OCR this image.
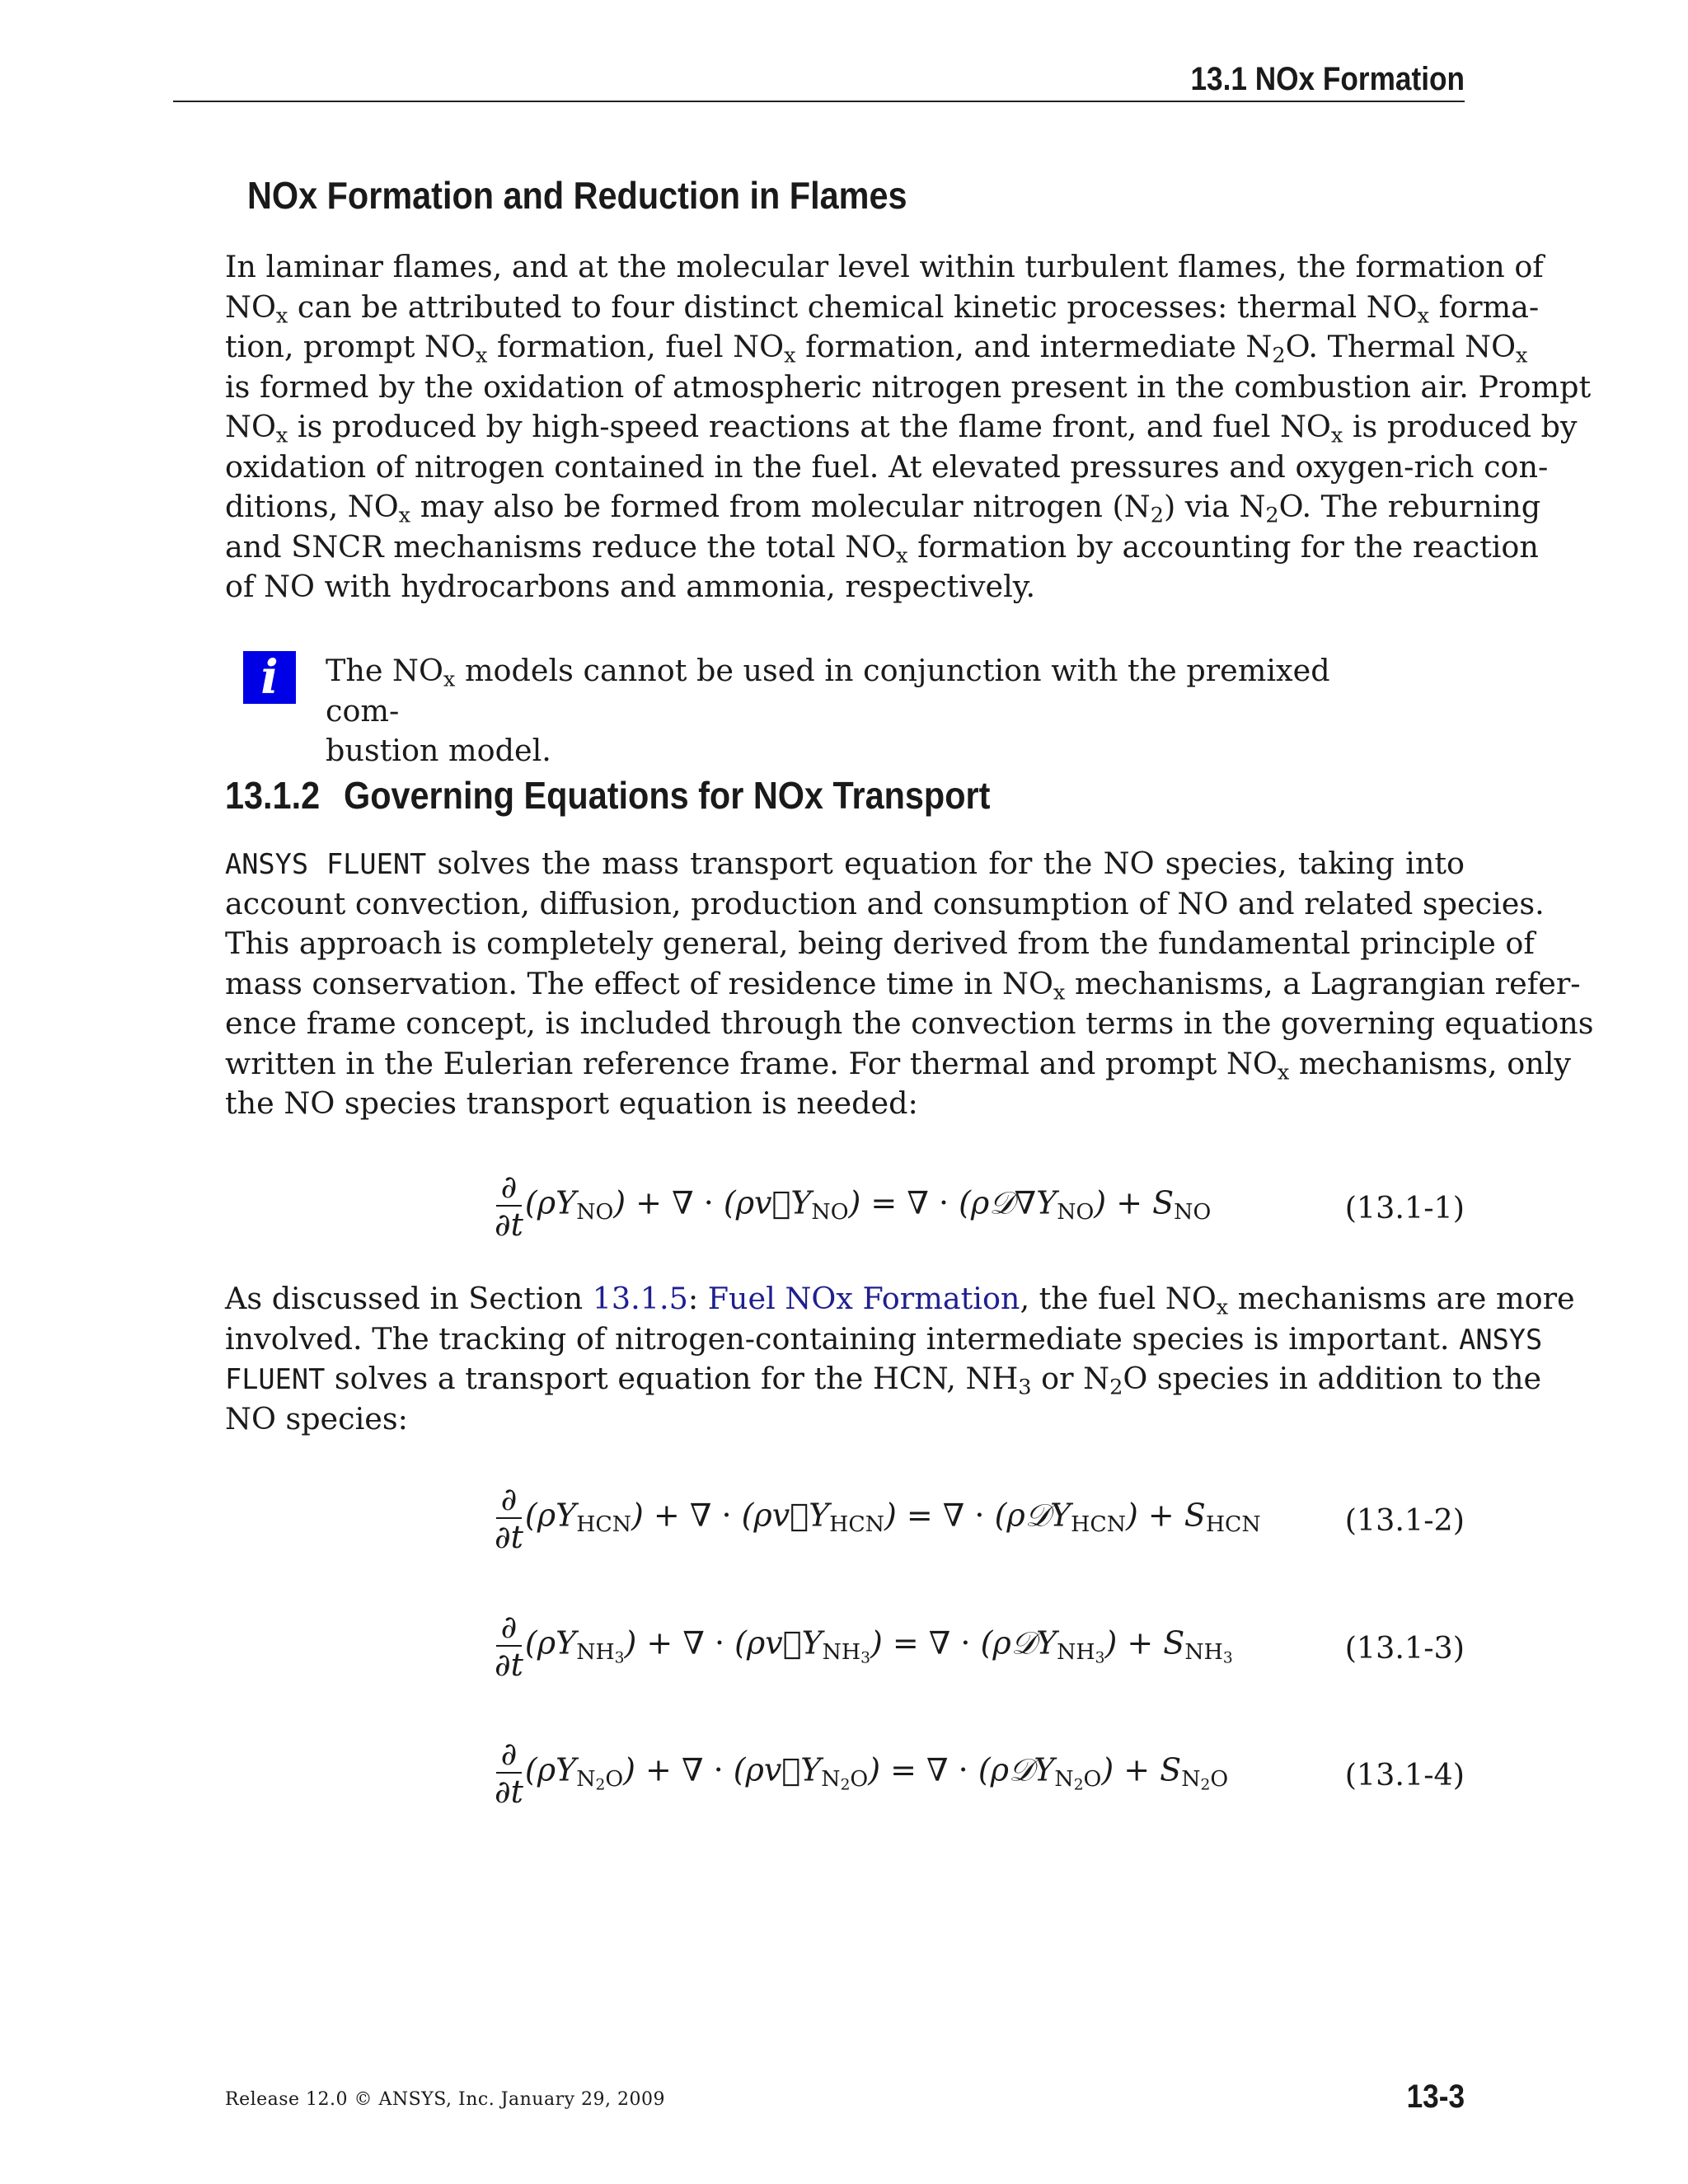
13.1 NOx Formation
NOx Formation and Reduction in Flames
In laminar flames, and at the molecular level within turbulent flames, the formation of
$NO_x$ can be attributed to four distinct chemical kinetic processes: thermal $NO_x$ forma-
tion, prompt $NO_x$ formation, fuel $NO_x$ formation, and intermediate $N_2O$. Thermal $NO_x$
is formed by the oxidation of atmospheric nitrogen present in the combustion air. Prompt
$NO_x$ is produced by high-speed reactions at the flame front, and fuel $NO_x$ is produced by
oxidation of nitrogen contained in the fuel. At elevated pressures and oxygen-rich con-
ditions, $NO_x$ may also be formed from molecular nitrogen $(N_2)$ via $N_2O$. The reburning
and SNCR mechanisms reduce the total $NO_x$ formation by accounting for the reaction
of NO with hydrocarbons and ammonia, respectively.
i	The $NO_x$ models cannot be used in conjunction with the premixed com-
bustion model.
13.1.2 Governing Equations for NOx Transport
ANSYS FLUENT solves the mass transport equation for the NO species, taking into
account convection, diffusion, production and consumption of NO and related species.
This approach is completely general, being derived from the fundamental principle of
mass conservation. The effect of residence time in $NO_x$ mechanisms, a Lagrangian refer-
ence frame concept, is included through the convection terms in the governing equations
written in the Eulerian reference frame. For thermal and prompt $NO_x$ mechanisms, only
the NO species transport equation is needed:
$\frac{\partial}{\partial t} (\rho Y_{NO})$ + ∇ · $(\rho v⃗Y_{NO})$ = ∇ · $(\rho 𝒟\nabla Y_{NO}) + S_{NO}$	(13.1-1)
As discussed in Section 13.1.5: Fuel NOx Formation, the fuel $NO_x$ mechanisms are more
involved. The tracking of nitrogen-containing intermediate species is important. ANSYS
FLUENT solves a transport equation for the HCN, $NH_3$ or $N_2O$ species in addition to the
NO species:
$\frac{\partial}{\partial t} (\rho Y_{HCN})$ + ∇ · $(\rho v⃗Y_{HCN})$ = ∇ · (ρ𝒟Y$_{HCN}$) + $S_{HCN}$	(13.1-2)
$\frac{\partial}{\partial t} (\rho Y_{NH_3})$ + ∇ · $(\rho v⃗Y_{NH_3})$ = ∇ · (ρ𝒟Y$_{NH_3}$) + $S_{NH_3}$	(13.1-3)
$\frac{\partial}{\partial t} (\rho Y_{N_2O})$ + ∇ · $(\rho v⃗Y_{N_2O})$ = ∇ · (ρ𝒟Y$_{N_2O}$) + $S_{N_2O}$	(13.1-4)
Release 12.0 © ANSYS, Inc. January 29, 2009	13-3
